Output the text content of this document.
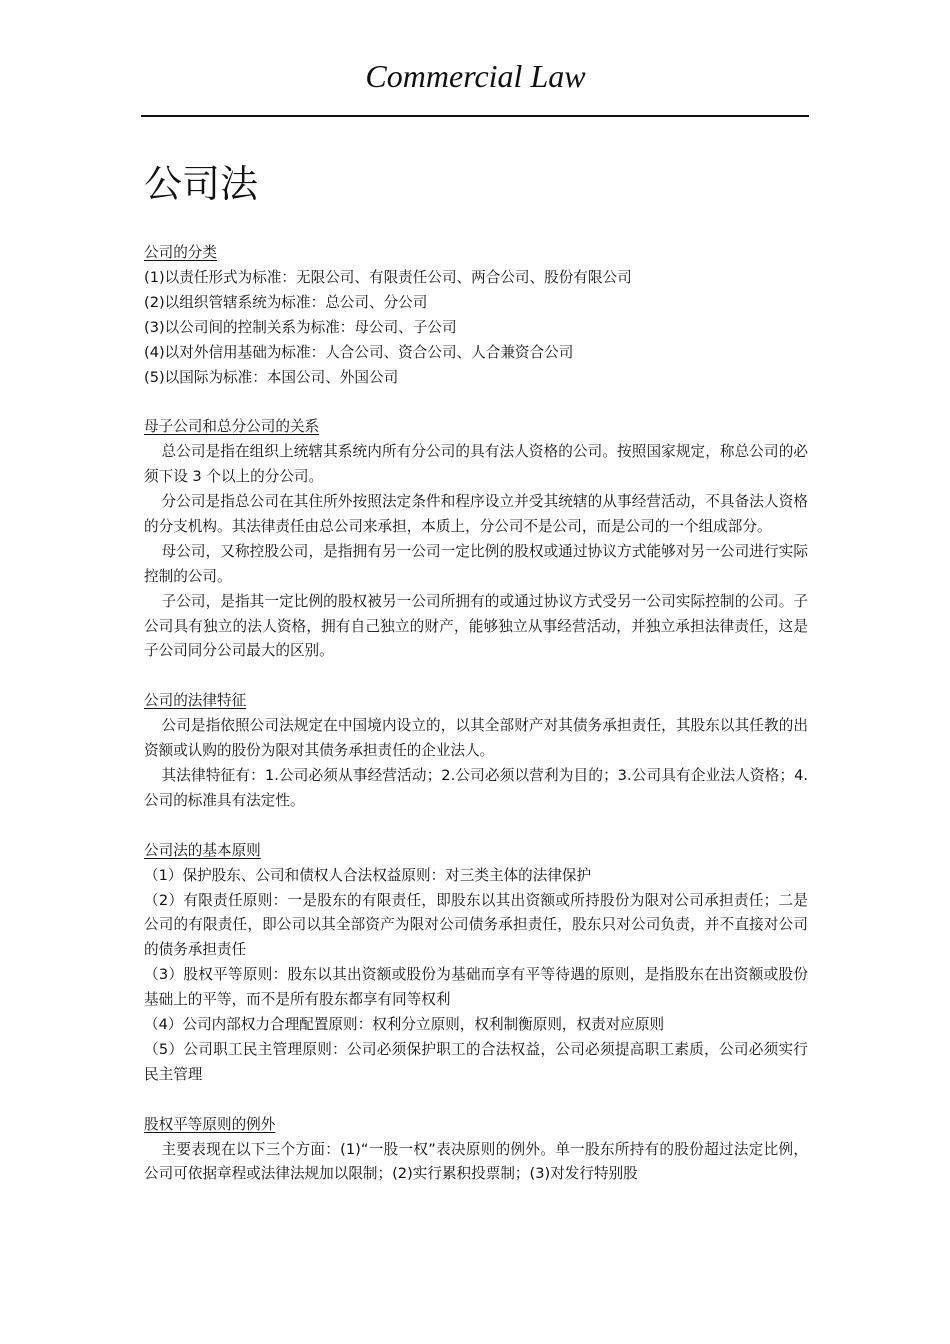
Commercial Law
公司法
公司的分类
(1)以责任形式为标准：无限公司、有限责任公司、两合公司、股份有限公司
(2)以组织管辖系统为标准：总公司、分公司
(3)以公司间的控制关系为标准：母公司、子公司
(4)以对外信用基础为标准：人合公司、资合公司、人合兼资合公司
(5)以国际为标准：本国公司、外国公司
母子公司和总分公司的关系
总公司是指在组织上统辖其系统内所有分公司的具有法人资格的公司。按照国家规定，称总公司的必须下设 3 个以上的分公司。
分公司是指总公司在其住所外按照法定条件和程序设立并受其统辖的从事经营活动，不具备法人资格的分支机构。其法律责任由总公司来承担，本质上，分公司不是公司，而是公司的一个组成部分。
母公司，又称控股公司，是指拥有另一公司一定比例的股权或通过协议方式能够对另一公司进行实际控制的公司。
子公司，是指其一定比例的股权被另一公司所拥有的或通过协议方式受另一公司实际控制的公司。子公司具有独立的法人资格，拥有自己独立的财产，能够独立从事经营活动，并独立承担法律责任，这是子公司同分公司最大的区别。
公司的法律特征
公司是指依照公司法规定在中国境内设立的，以其全部财产对其债务承担责任，其股东以其任教的出资额或认购的股份为限对其债务承担责任的企业法人。
其法律特征有：1.公司必须从事经营活动；2.公司必须以营利为目的；3.公司具有企业法人资格；4.公司的标准具有法定性。
公司法的基本原则
（1）保护股东、公司和债权人合法权益原则：对三类主体的法律保护
（2）有限责任原则：一是股东的有限责任，即股东以其出资额或所持股份为限对公司承担责任；二是公司的有限责任，即公司以其全部资产为限对公司债务承担责任，股东只对公司负责，并不直接对公司的债务承担责任
（3）股权平等原则：股东以其出资额或股份为基础而享有平等待遇的原则，是指股东在出资额或股份基础上的平等，而不是所有股东都享有同等权利
（4）公司内部权力合理配置原则：权利分立原则，权利制衡原则，权责对应原则
（5）公司职工民主管理原则：公司必须保护职工的合法权益，公司必须提高职工素质，公司必须实行民主管理
股权平等原则的例外
主要表现在以下三个方面：(1)“一股一权”表决原则的例外。单一股东所持有的股份超过法定比例，公司可依据章程或法律法规加以限制；(2)实行累积投票制；(3)对发行特别股
